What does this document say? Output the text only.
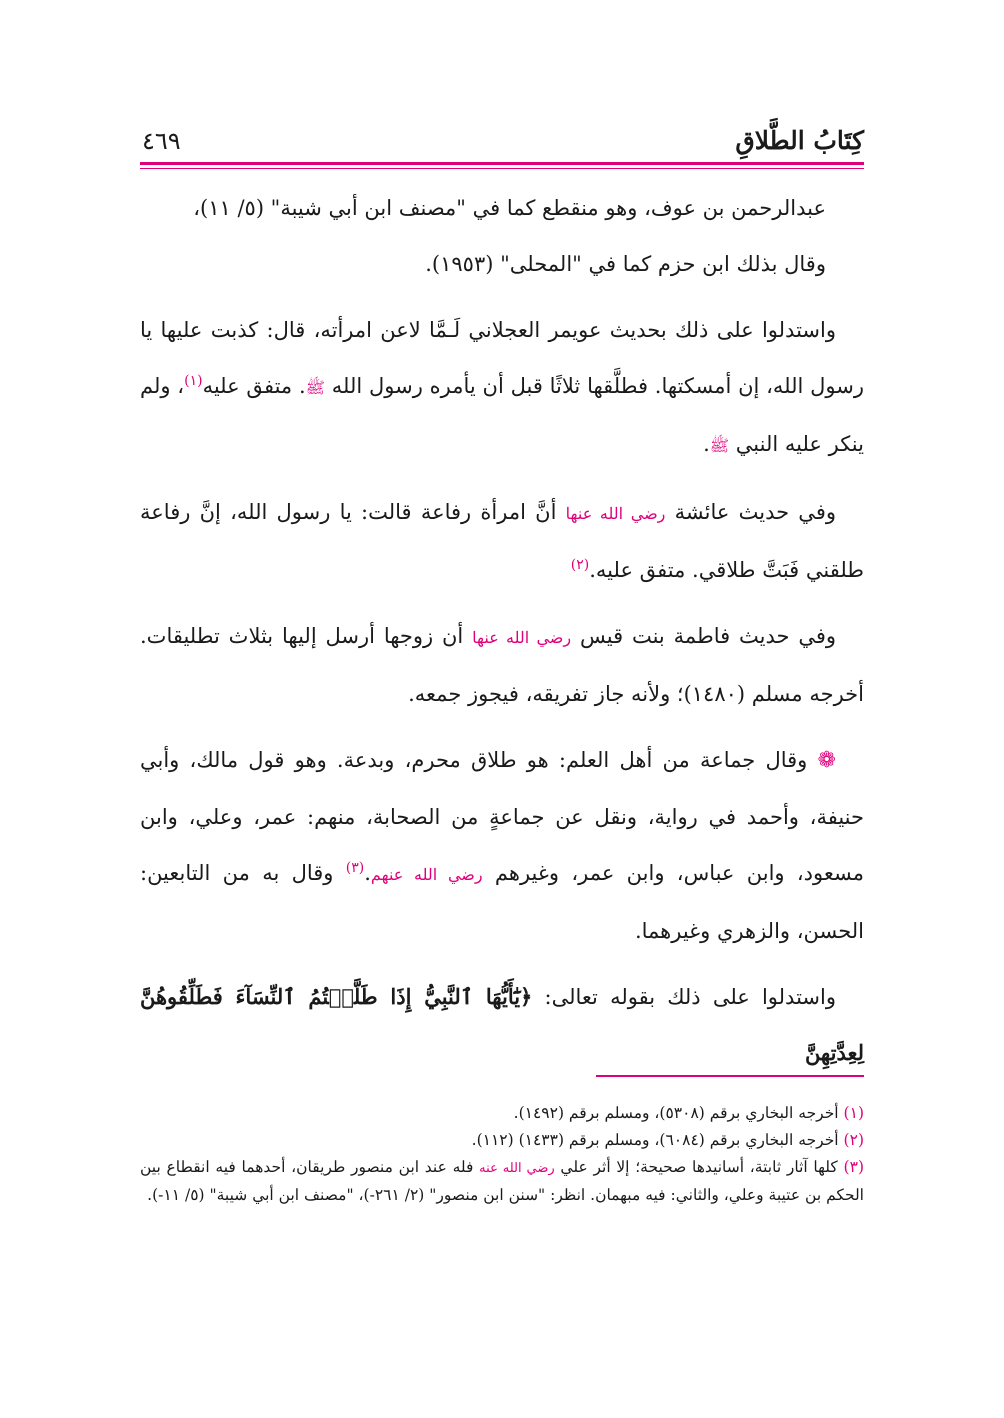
كِتَابُ الطَّلاقِ
٤٦٩

عبدالرحمن بن عوف، وهو منقطع كما في "مصنف ابن أبي شيبة" (٥/ ١١)،
وقال بذلك ابن حزم كما في "المحلى" (١٩٥٣).

واستدلوا على ذلك بحديث عويمر العجلاني لَـمَّا لاعن امرأته، قال: كذبت عليها يا رسول الله، إن أمسكتها. فطلَّقها ثلاثًا قبل أن يأمره رسول الله ﷺ. متفق عليه$^{(١)}$، ولم ينكر عليه النبي ﷺ.

وفي حديث عائشة رضي الله عنها أنَّ امرأة رفاعة قالت: يا رسول الله، إنَّ رفاعة طلقني فَبَتَّ طلاقي. متفق عليه.$^{(٢)}$

وفي حديث فاطمة بنت قيس رضي الله عنها أن زوجها أرسل إليها بثلاث تطليقات. أخرجه مسلم (١٤٨٠)؛ ولأنه جاز تفريقه، فيجوز جمعه.

❁ وقال جماعة من أهل العلم: هو طلاق محرم، وبدعة. وهو قول مالك، وأبي حنيفة، وأحمد في رواية، ونقل عن جماعةٍ من الصحابة، منهم: عمر، وعلي، وابن مسعود، وابن عباس، وابن عمر، وغيرهم رضي الله عنهم.$^{(٣)}$ وقال به من التابعين: الحسن، والزهري وغيرهما.

واستدلوا على ذلك بقوله تعالى: ﴿يَٰٓأَيُّهَا ٱلنَّبِيُّ إِذَا طَلَّقۡتُمُ ٱلنِّسَآءَ فَطَلِّقُوهُنَّ لِعِدَّتِهِنَّ

(١) أخرجه البخاري برقم (٥٣٠٨)، ومسلم برقم (١٤٩٢).

(٢) أخرجه البخاري برقم (٦٠٨٤)، ومسلم برقم (١٤٣٣) (١١٢).

(٣) كلها آثار ثابتة، أسانيدها صحيحة؛ إلا أثر علي رضي الله عنه فله عند ابن منصور طريقان، أحدهما فيه انقطاع بين الحكم بن عتيبة وعلي، والثاني: فيه مبهمان. انظر: "سنن ابن منصور" (٢/ ٢٦١-)، "مصنف ابن أبي شيبة" (٥/ ١١-).
